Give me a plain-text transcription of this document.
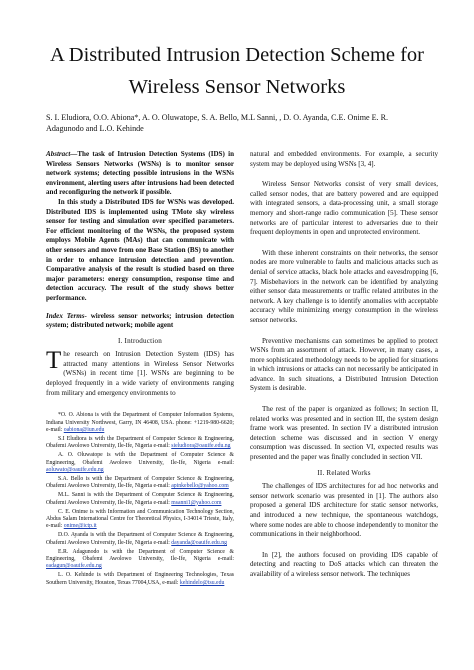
A Distributed Intrusion Detection Scheme for
Wireless Sensor Networks
S. I. Eludiora, O.O. Abiona*, A. O. Oluwatope, S. A. Bello, M.L Sanni, , D. O. Ayanda, C.E. Onime E. R.
Adagunodo and L.O. Kehinde

Abstract—The task of Intrusion Detection Systems (IDS) in Wireless Sensors Networks (WSNs) is to monitor sensor network systems; detecting possible intrusions in the WSNs environment, alerting users after intrusions had been detected and reconfiguring the network if possible.

In this study a Distributed IDS for WSNs was developed. Distributed IDS is implemented using TMote sky wireless sensor for testing and simulation over specified parameters. For efficient monitoring of the WSNs, the proposed system employs Mobile Agents (MAs) that can communicate with other sensors and move from one Base Station (BS) to another in order to enhance intrusion detection and prevention. Comparative analysis of the result is studied based on three major parameters: energy consumption, response time and detection accuracy. The result of the study shows better performance.

Index Terms- wireless sensor networks; intrusion detection system; distributed network; mobile agent

I. Introduction

The research on Intrusion Detection System (IDS) has attracted many attentions in Wireless Sensor Networks (WSNs) in recent time [1]. WSNs are beginning to be deployed frequently in a wide variety of environments ranging from military and emergency environments to

*O. O. Abiona is with the Department of Computer Information Systems, Indiana University Northwest, Garry, IN 46408, USA. phone: +1219-980-6620; e-mail: oabiona@iun.edu
S.I Eludiora is with the Department of Computer Science & Engineering, Obafemi Awolowo University, Ile-Ife, Nigeria e-mail: sieludiora@oauife.edu.ng
A. O. Oluwatope is with the Department of Computer Science & Engineering, Obafemi Awolowo University, Ile-Ife, Nigeria e-mail: aoluwato@oauife.edu.ng
S.A. Bello is with the Department of Computer Science & Engineering, Obafemi Awolowo University, Ile-Ife, Nigeria e-mail: apinkebello@yahoo.com
M.L. Sanni is with the Department of Computer Science & Engineering, Obafemi Awolowo University, Ile-Ife, Nigeria e-mail: msanni1@yahoo.com
C. E. Onime is with Information and Communication Technology Section, Abdus Salam International Centre for Theoretical Physics, I-34014 Trieste, Italy, e-mail: onime@ictp.it
D.O. Ayanda is with the Department of Computer Science & Engineering, Obafemi Awolowo University, Ile-Ife, Nigeria e-mail: dayanda@oauife.edu.ng
E.R. Adagunodo is with the Department of Computer Science & Engineering, Obafemi Awolowo University, Ile-Ife, Nigeria e-mail: eadagun@oauife.edu.ng
L. O. Kehinde is with Department of Engineering Technologies, Texas Southern University, Houston, Texas 77004,USA, e-mail: kehindelo@tsu.edu

natural and embedded environments. For example, a security system may be deployed using WSNs [3, 4].

Wireless Sensor Networks consist of very small devices, called sensor nodes, that are battery powered and are equipped with integrated sensors, a data-processing unit, a small storage memory and short-range radio communication [5]. These sensor networks are of particular interest to adversaries due to their frequent deployments in open and unprotected environment.

With these inherent constraints on their networks, the sensor nodes are more vulnerable to faults and malicious attacks such as denial of service attacks, black hole attacks and eavesdropping [6, 7]. Misbehaviors in the network can be identified by analyzing either sensor data measurements or traffic related attributes in the network. A key challenge is to identify anomalies with acceptable accuracy while minimizing energy consumption in the wireless sensor networks.

Preventive mechanisms can sometimes be applied to protect WSNs from an assortment of attack. However, in many cases, a more sophisticated methodology needs to be applied for situations in which intrusions or attacks can not necessarily be anticipated in advance. In such situations, a Distributed Intrusion Detection System is desirable.

The rest of the paper is organized as follows; In section II, related works was presented and in section III, the system design frame work was presented. In section IV a distributed intrusion detection scheme was discussed and in section V energy consumption was discussed. In section VI, expected results was presented and the paper was finally concluded in section VII.

II. Related Works

The challenges of IDS architectures for ad hoc networks and sensor network scenario was presented in [1]. The authors also proposed a general IDS architecture for static sensor networks, and introduced a new technique, the spontaneous watchdogs, where some nodes are able to choose independently to monitor the communications in their neighborhood.

In [2], the authors focused on providing IDS capable of detecting and reacting to DoS attacks which can threaten the availability of a wireless sensor network. The techniques
